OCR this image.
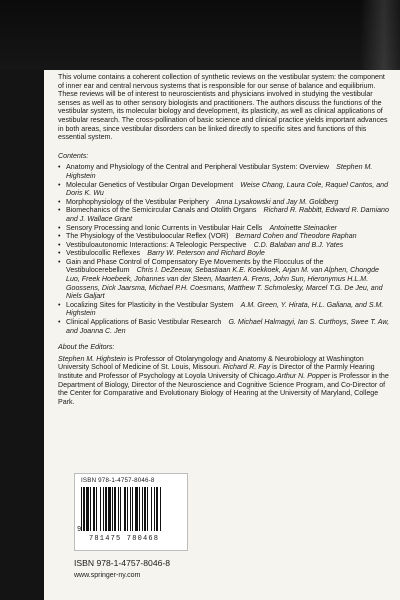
This volume contains a coherent collection of synthetic reviews on the vestibular system: the component of inner ear and central nervous systems that is responsible for our sense of balance and equilibrium. These reviews will be of interest to neuroscientists and physicians involved in studying the vestibular senses as well as to other sensory biologists and practitioners. The authors discuss the functions of the vestibular system, its molecular biology and development, its plasticity, as well as clinical applications of vestibular research. The cross-pollination of basic science and clinical practice yields important advances in both areas, since vestibular disorders can be linked directly to specific sites and functions of this essential system.

Contents:

• Anatomy and Physiology of the Central and Peripheral Vestibular System: Overview  Stephen M. Highstein
• Molecular Genetics of Vestibular Organ Development  Weise Chang, Laura Cole, Raquel Cantos, and Doris K. Wu
• Morphophysiology of the Vestibular Periphery  Anna Lysakowski and Jay M. Goldberg
• Biomechanics of the Semicircular Canals and Otolith Organs  Richard R. Rabbitt, Edward R. Damiano and J. Wallace Grant
• Sensory Processing and Ionic Currents in Vestibular Hair Cells  Antoinette Steinacker
• The Physiology of the Vestibuloocular Reflex (VOR)  Bernard Cohen and Theodore Raphan
• Vestibuloautonomic Interactions: A Teleologic Perspective  C.D. Balaban and B.J. Yates
• Vestibulocollic Reflexes  Barry W. Peterson and Richard Boyle
• Gain and Phase Control of Compensatory Eye Movements by the Flocculus of the Vestibulocerebellum  Chris I. DeZeeuw, Sebastiaan K.E. Koekkoek, Arjan M. van Alphen, Chongde Luo, Freek Hoebeek, Johannes van der Steen, Maarten A. Frens, John Sun, Hieronymus H.L.M. Goossens, Dick Jaarsma, Michael P.H. Coesmans, Matthew T. Schmolesky, Marcel T.G. De Jeu, and Niels Galjart
• Localizing Sites for Plasticity in the Vestibular System  A.M. Green, Y. Hirata, H.L. Galiana, and S.M. Highstein
• Clinical Applications of Basic Vestibular Research  G. Michael Halmagyi, Ian S. Curthoys, Swee T. Aw, and Joanna C. Jen

About the Editors:

Stephen M. Highstein is Professor of Otolaryngology and Anatomy & Neurobiology at Washington University School of Medicine of St. Louis, Missouri. Richard R. Fay is Director of the Parmly Hearing Institute and Professor of Psychology at Loyola University of Chicago.Arthur N. Popper is Professor in the Department of Biology, Director of the Neuroscience and Cognitive Science Program, and Co-Director of the Center for Comparative and Evolutionary Biology of Hearing at the University of Maryland, College Park.

ISBN 978-1-4757-8046-8
9
781475 780468
ISBN 978-1-4757-8046-8
www.springer-ny.com
